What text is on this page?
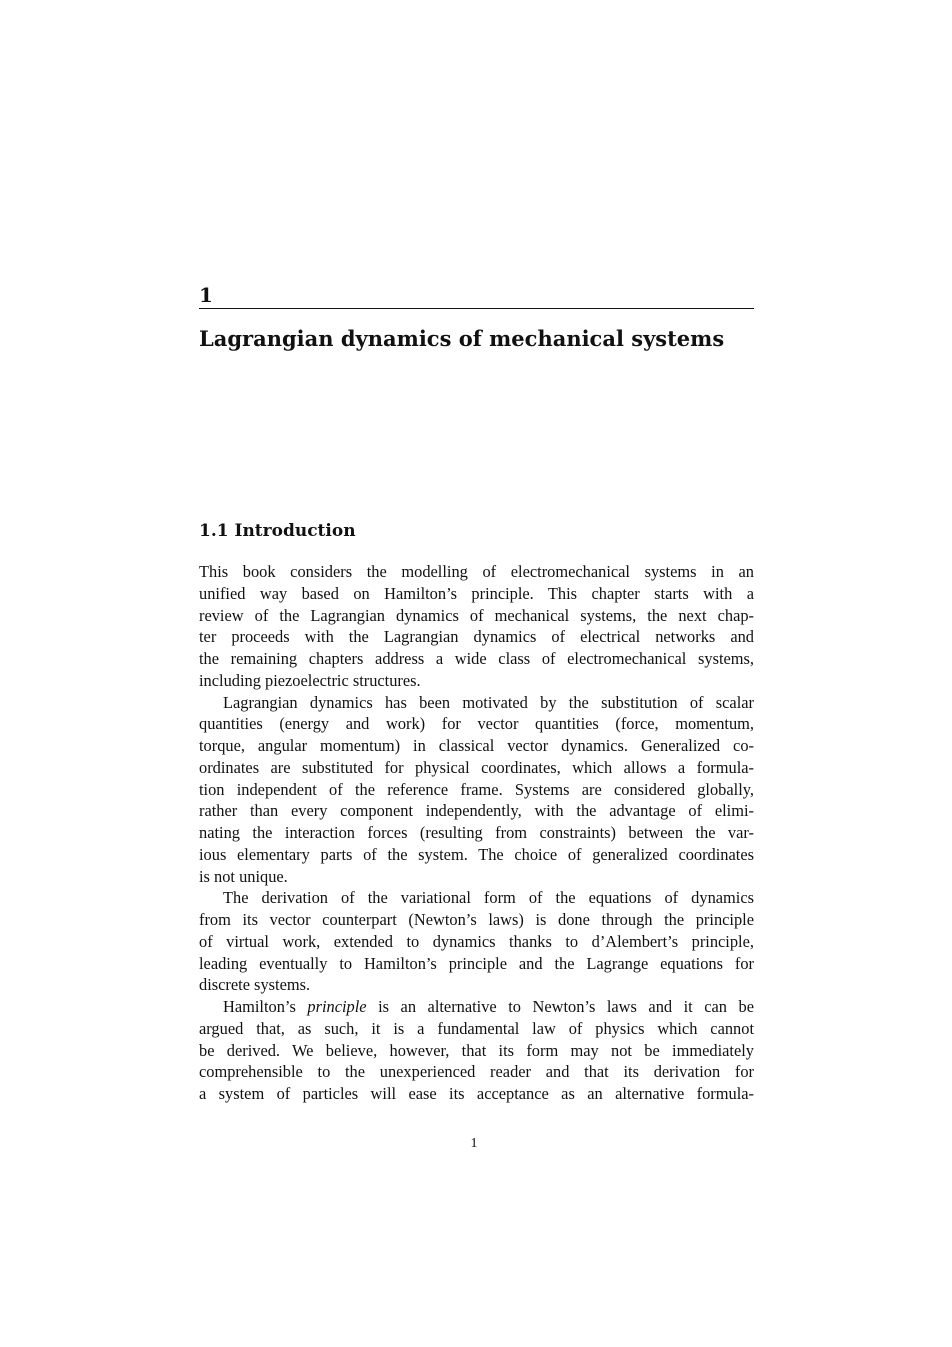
1
Lagrangian dynamics of mechanical systems
1.1 Introduction
This book considers the modelling of electromechanical systems in an
unified way based on Hamilton’s principle. This chapter starts with a
review of the Lagrangian dynamics of mechanical systems, the next chap-
ter proceeds with the Lagrangian dynamics of electrical networks and
the remaining chapters address a wide class of electromechanical systems,
including piezoelectric structures.
Lagrangian dynamics has been motivated by the substitution of scalar
quantities (energy and work) for vector quantities (force, momentum,
torque, angular momentum) in classical vector dynamics. Generalized co-
ordinates are substituted for physical coordinates, which allows a formula-
tion independent of the reference frame. Systems are considered globally,
rather than every component independently, with the advantage of elimi-
nating the interaction forces (resulting from constraints) between the var-
ious elementary parts of the system. The choice of generalized coordinates
is not unique.
The derivation of the variational form of the equations of dynamics
from its vector counterpart (Newton’s laws) is done through the principle
of virtual work, extended to dynamics thanks to d’Alembert’s principle,
leading eventually to Hamilton’s principle and the Lagrange equations for
discrete systems.
Hamilton’s principle is an alternative to Newton’s laws and it can be
argued that, as such, it is a fundamental law of physics which cannot
be derived. We believe, however, that its form may not be immediately
comprehensible to the unexperienced reader and that its derivation for
a system of particles will ease its acceptance as an alternative formula-
1
